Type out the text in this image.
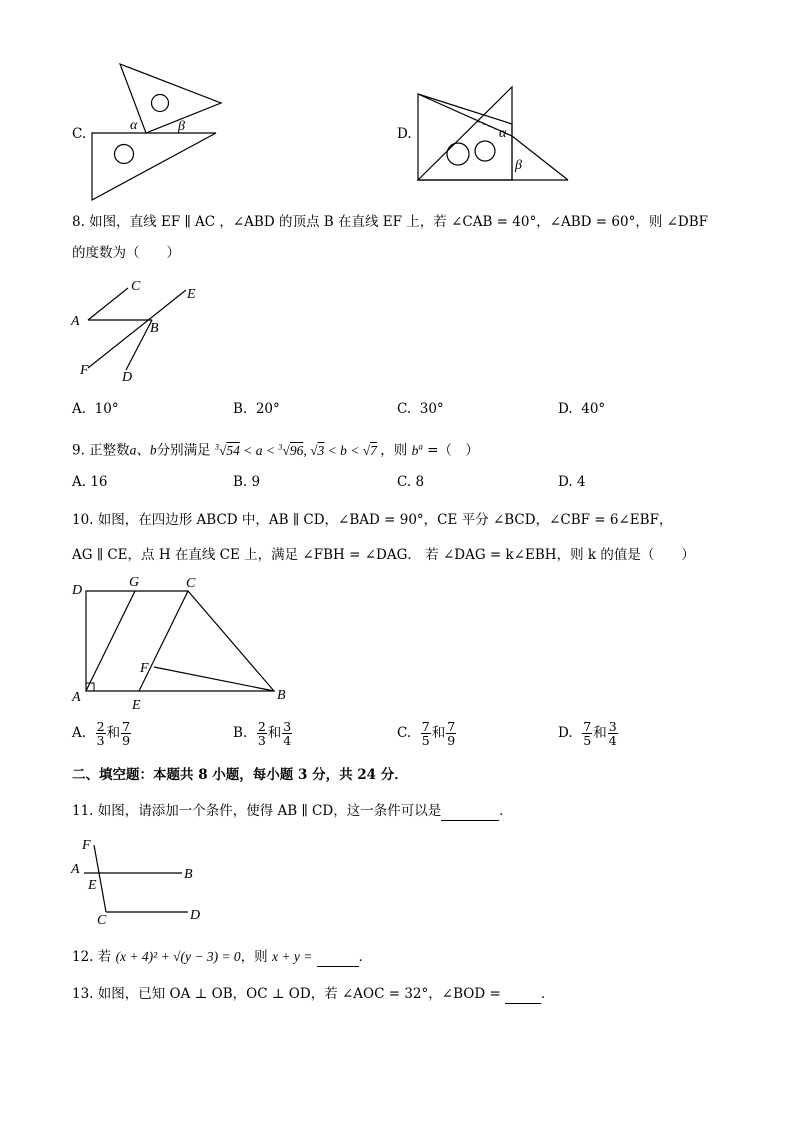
C.
α	β	D.	α
β
8. 如图，直线 EF ∥ AC ，∠ABD 的顶点 B 在直线 EF 上，若 ∠CAB = 40°，∠ABD = 60°，则 ∠DBF
的度数为（　　）
A
C
E
B
F D
A. 10°	B. 20°	C. 30°	D. 40°
9. 正整数a、b分别满足 $^3$√54 < a < $^3$√96, √3 < b < √7 ，则 $b^a$ =（　）
A. 16	B. 9	C. 8	D. 4
10. 如图，在四边形 ABCD 中，AB ∥ CD，∠BAD = 90°，CE 平分 ∠BCD，∠CBF = 6∠EBF，
AG ∥ CE，点 H 在直线 CE 上，满足 ∠FBH = ∠DAG． 若 ∠DAG = k∠EBH，则 k 的值是（　　）
D
G	C
F
A
E
B
A. $\frac{2}{3}$ 和 $\frac{7}{9}$	B. $\frac{2}{3}$ 和 $\frac{3}{4}$	C. $\frac{7}{5}$ 和 $\frac{7}{9}$	D. $\frac{7}{5}$ 和 $\frac{3}{4}$
二、填空题：本题共 8 小题，每小题 3 分，共 24 分．
11. 如图，请添加一个条件，使得 AB ∥ CD，这一条件可以是	．
F
A
E
B
C	D
12. 若 (x + 4)² + √(y − 3) = 0，则 x + y =	．
13. 如图，已知 OA ⊥ OB，OC ⊥ OD，若 ∠AOC = 32°，∠BOD =	．
